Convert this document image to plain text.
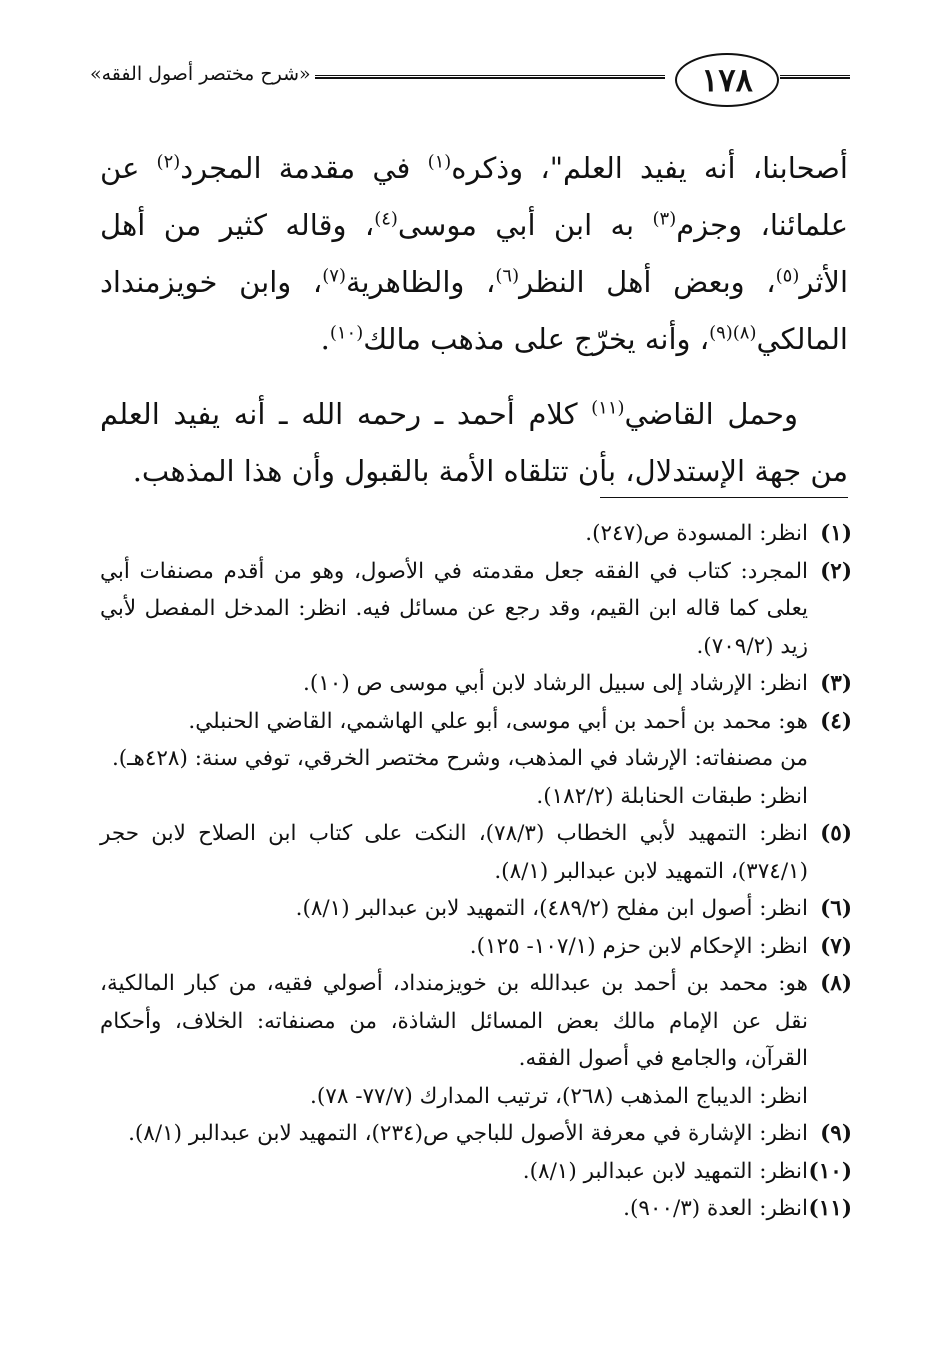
«شرح مختصر أصول الفقه»	١٧٨

أصحابنا، أنه يفيد العلم"، وذكره$^{(١)}$ في مقدمة المجرد$^{(٢)}$ عن علمائنا، وجزم$^{(٣)}$ به ابن أبي موسى$^{(٤)}$، وقاله كثير من أهل الأثر$^{(٥)}$، وبعض أهل النظر$^{(٦)}$، والظاهرية$^{(٧)}$، وابن خويزمنداد المالكي$^{(٨)(٩)}$، وأنه يخرّج على مذهب مالك$^{(١٠)}$.

وحمل القاضي$^{(١١)}$ كلام أحمد ـ رحمه الله ـ أنه يفيد العلم من جهة الإستدلال، بأن تتلقاه الأمة بالقبول وأن هذا المذهب.

(١)
انظر: المسودة ص(٢٤٧).
(٢)
المجرد: كتاب في الفقه جعل مقدمته في الأصول، وهو من أقدم مصنفات أبي يعلى كما قاله ابن القيم، وقد رجع عن مسائل فيه. انظر: المدخل المفصل لأبي زيد (٧٠٩/٢).
(٣)
انظر: الإرشاد إلى سبيل الرشاد لابن أبي موسى ص (١٠).
(٤)
هو: محمد بن أحمد بن أبي موسى، أبو علي الهاشمي، القاضي الحنبلي.
من مصنفاته: الإرشاد في المذهب، وشرح مختصر الخرقي، توفي سنة: (٤٢٨هـ).
انظر: طبقات الحنابلة (١٨٢/٢).
(٥)
انظر: التمهيد لأبي الخطاب (٧٨/٣)، النكت على كتاب ابن الصلاح لابن حجر (٣٧٤/١)، التمهيد لابن عبدالبر (٨/١).
(٦)
انظر: أصول ابن مفلح (٤٨٩/٢)، التمهيد لابن عبدالبر (٨/١).
(٧)
انظر: الإحكام لابن حزم (١٠٧/١- ١٢٥).
(٨)
هو: محمد بن أحمد بن عبدالله بن خويزمنداد، أصولي فقيه، من كبار المالكية، نقل عن الإمام مالك بعض المسائل الشاذة، من مصنفاته: الخلاف، وأحكام القرآن، والجامع في أصول الفقه.
انظر: الديباج المذهب (٢٦٨)، ترتيب المدارك (٧٧/٧- ٧٨).
(٩)
انظر: الإشارة في معرفة الأصول للباجي ص(٢٣٤)، التمهيد لابن عبدالبر (٨/١).
(١٠)
انظر: التمهيد لابن عبدالبر (٨/١).
(١١)
انظر: العدة (٩٠٠/٣).
